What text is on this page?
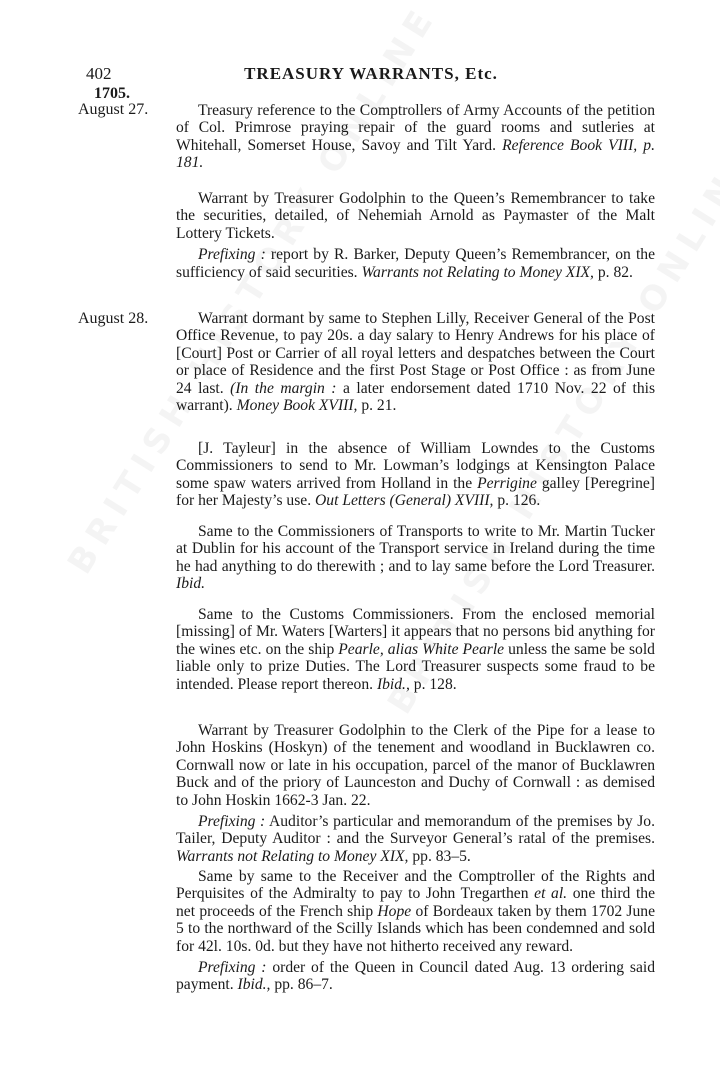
402	TREASURY WARRANTS, Etc.
1705.
August 27.
August 28.

Treasury reference to the Comptrollers of Army Accounts of the petition of Col. Primrose praying repair of the guard rooms and sutleries at Whitehall, Somerset House, Savoy and Tilt Yard. Reference Book VIII, p. 181.

Warrant by Treasurer Godolphin to the Queen’s Remembrancer to take the securities, detailed, of Nehemiah Arnold as Paymaster of the Malt Lottery Tickets.

Prefixing : report by R. Barker, Deputy Queen’s Remembrancer, on the sufficiency of said securities. Warrants not Relating to Money XIX, p. 82.

Warrant dormant by same to Stephen Lilly, Receiver General of the Post Office Revenue, to pay 20s. a day salary to Henry Andrews for his place of [Court] Post or Carrier of all royal letters and despatches between the Court or place of Residence and the first Post Stage or Post Office : as from June 24 last. (In the margin : a later endorsement dated 1710 Nov. 22 of this warrant). Money Book XVIII, p. 21.

[J. Tayleur] in the absence of William Lowndes to the Customs Commissioners to send to Mr. Lowman’s lodgings at Kensington Palace some spaw waters arrived from Holland in the Perrigine galley [Peregrine] for her Majesty’s use. Out Letters (General) XVIII, p. 126.

Same to the Commissioners of Transports to write to Mr. Martin Tucker at Dublin for his account of the Transport service in Ireland during the time he had anything to do therewith ; and to lay same before the Lord Treasurer. Ibid.

Same to the Customs Commissioners. From the enclosed memorial [missing] of Mr. Waters [Warters] it appears that no persons bid anything for the wines etc. on the ship Pearle, alias White Pearle unless the same be sold liable only to prize Duties. The Lord Treasurer suspects some fraud to be intended. Please report thereon. Ibid., p. 128.

Warrant by Treasurer Godolphin to the Clerk of the Pipe for a lease to John Hoskins (Hoskyn) of the tenement and woodland in Bucklawren co. Cornwall now or late in his occupation, parcel of the manor of Bucklawren Buck and of the priory of Launceston and Duchy of Cornwall : as demised to John Hoskin 1662-3 Jan. 22.

Prefixing : Auditor’s particular and memorandum of the premises by Jo. Tailer, Deputy Auditor : and the Surveyor General’s ratal of the premises. Warrants not Relating to Money XIX, pp. 83–5.

Same by same to the Receiver and the Comptroller of the Rights and Perquisites of the Admiralty to pay to John Tregarthen et al. one third the net proceeds of the French ship Hope of Bordeaux taken by them 1702 June 5 to the northward of the Scilly Islands which has been condemned and sold for 42l. 10s. 0d. but they have not hitherto received any reward.

Prefixing : order of the Queen in Council dated Aug. 13 ordering said payment. Ibid., pp. 86–7.
